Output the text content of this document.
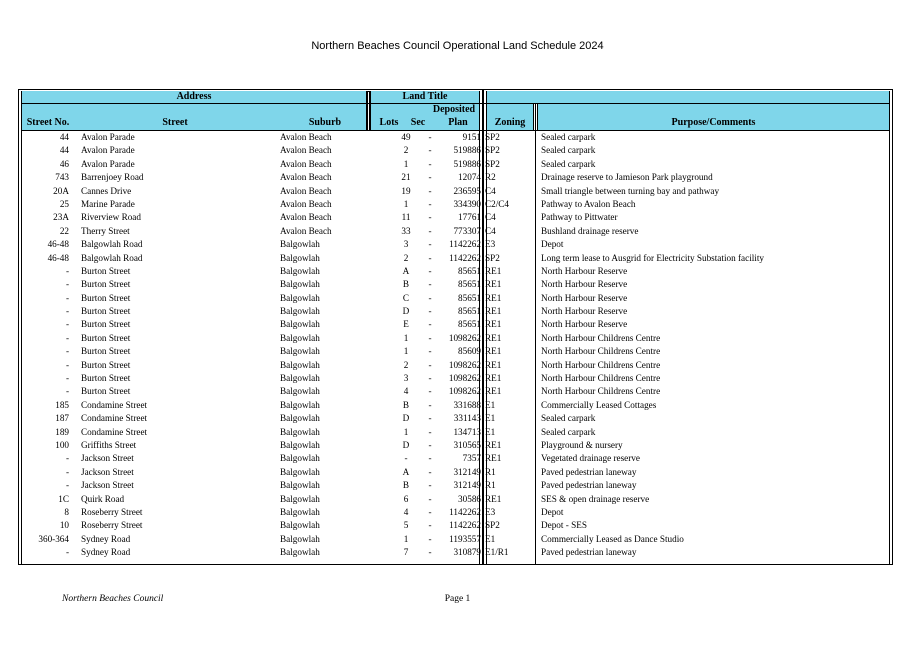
Northern Beaches Council Operational Land Schedule 2024
Address	Land Title
Deposited
Street No.	Street	Suburb	Lots	Sec	Plan	Zoning	Purpose/Comments
44 Avalon Parade	Avalon Beach	49	-	9151 SP2	Sealed carpark
44 Avalon Parade	Avalon Beach	2	-	519886 SP2	Sealed carpark
46 Avalon Parade	Avalon Beach	1	-	519886 SP2	Sealed carpark
743 Barrenjoey Road	Avalon Beach	21	-	12074 R2	Drainage reserve to Jamieson Park playground
20A Cannes Drive	Avalon Beach	19	-	236595 C4	Small triangle between turning bay and pathway
25 Marine Parade	Avalon Beach	1	-	334390 C2/C4	Pathway to Avalon Beach
23A Riverview Road	Avalon Beach	11	-	17761 C4	Pathway to Pittwater
22 Therry Street	Avalon Beach	33	-	773307 C4	Bushland drainage reserve
46-48 Balgowlah Road	Balgowlah	3	-	1142262 E3	Depot
46-48 Balgowlah Road	Balgowlah	2	-	1142262 SP2	Long term lease to Ausgrid for Electricity Substation facility
- Burton Street	Balgowlah	A	-	85651 RE1	North Harbour Reserve
- Burton Street	Balgowlah	B	-	85651 RE1	North Harbour Reserve
- Burton Street	Balgowlah	C	-	85651 RE1	North Harbour Reserve
- Burton Street	Balgowlah	D	-	85651 RE1	North Harbour Reserve
- Burton Street	Balgowlah	E	-	85651 RE1	North Harbour Reserve
- Burton Street	Balgowlah	1	-	1098262 RE1	North Harbour Childrens Centre
- Burton Street	Balgowlah	1	-	85609 RE1	North Harbour Childrens Centre
- Burton Street	Balgowlah	2	-	1098262 RE1	North Harbour Childrens Centre
- Burton Street	Balgowlah	3	-	1098262 RE1	North Harbour Childrens Centre
- Burton Street	Balgowlah	4	-	1098262 RE1	North Harbour Childrens Centre
185 Condamine Street	Balgowlah	B	-	331688 E1	Commercially Leased Cottages
187 Condamine Street	Balgowlah	D	-	331143 E1	Sealed carpark
189 Condamine Street	Balgowlah	1	-	134713 E1	Sealed carpark
100 Griffiths Street	Balgowlah	D	-	310565 RE1	Playground & nursery
- Jackson Street	Balgowlah	-	-	7357 RE1	Vegetated drainage reserve
- Jackson Street	Balgowlah	A	-	312149 R1	Paved pedestrian laneway
- Jackson Street	Balgowlah	B	-	312149 R1	Paved pedestrian laneway
1C Quirk Road	Balgowlah	6	-	30586 RE1	SES & open drainage reserve
8 Roseberry Street	Balgowlah	4	-	1142262 E3	Depot
10 Roseberry Street	Balgowlah	5	-	1142262 SP2	Depot - SES
360-364 Sydney Road	Balgowlah	1	-	1193557 E1	Commercially Leased as Dance Studio
- Sydney Road	Balgowlah	7	-	310879 E1/R1	Paved pedestrian laneway
Northern Beaches Council	Page 1
